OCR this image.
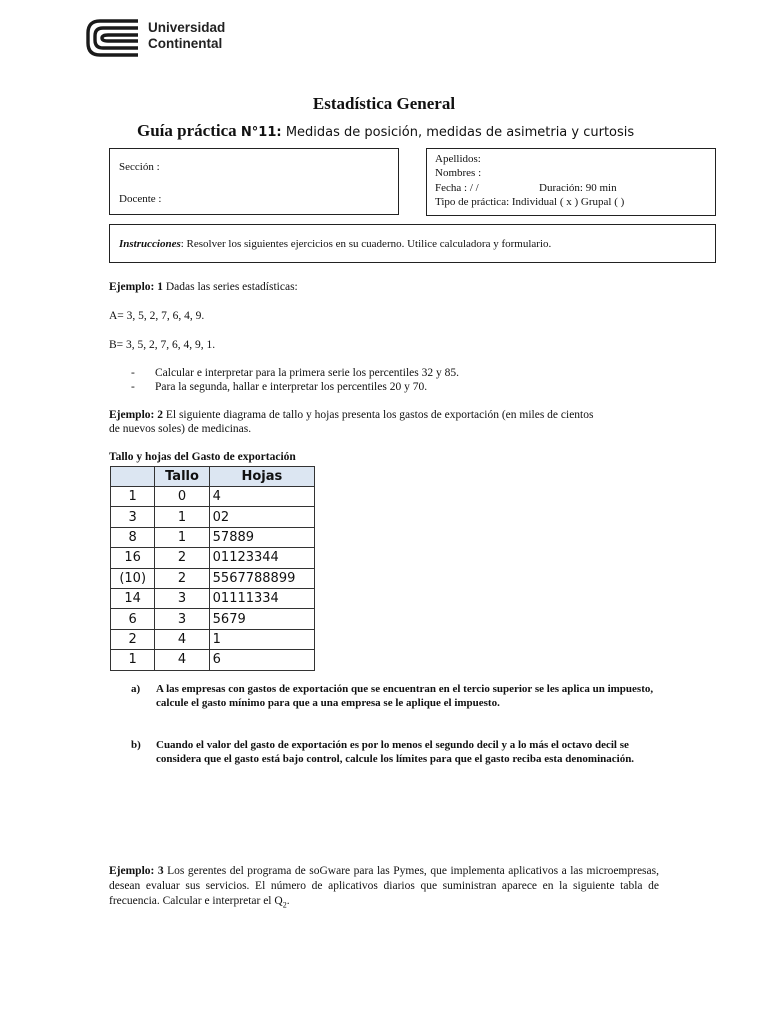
Universidad
Continental
Estadística General
Guía práctica N°11: Medidas de posición, medidas de asimetria y curtosis
Sección :
Docente :
Apellidos:
Nombres :
Fecha : / /	Duración: 90 min
Tipo de práctica: Individual ( x ) Grupal ( )
Instrucciones: Resolver los siguientes ejercicios en su cuaderno. Utilice calculadora y formulario.
Ejemplo: 1 Dadas las series estadísticas:
A= 3, 5, 2, 7, 6, 4, 9.
B= 3, 5, 2, 7, 6, 4, 9, 1.
- Calcular e interpretar para la primera serie los percentiles 32 y 85.
- Para la segunda, hallar e interpretar los percentiles 20 y 70.
Ejemplo: 2 El siguiente diagrama de tallo y hojas presenta los gastos de exportación (en miles de cientos
de nuevos soles) de medicinas.
Tallo y hojas del Gasto de exportación
	Tallo	Hojas
1	0	4
3	1	02
8	1	57889
16	2	01123344
(10)	2	5567788899
14	3	01111334
6	3	5679
2	4	1
1	4	6
a) A las empresas con gastos de exportación que se encuentran en el tercio superior se les aplica un impuesto, calcule el gasto mínimo para que a una empresa se le aplique el impuesto.
b) Cuando el valor del gasto de exportación es por lo menos el segundo decil y a lo más el octavo decil se considera que el gasto está bajo control, calcule los límites para que el gasto reciba esta denominación.
Ejemplo: 3 Los gerentes del programa de soGware para las Pymes, que implementa aplicativos a las microempresas, desean evaluar sus servicios. El número de aplicativos diarios que suministran aparece en la siguiente tabla de frecuencia. Calcular e interpretar el $Q_2$.
